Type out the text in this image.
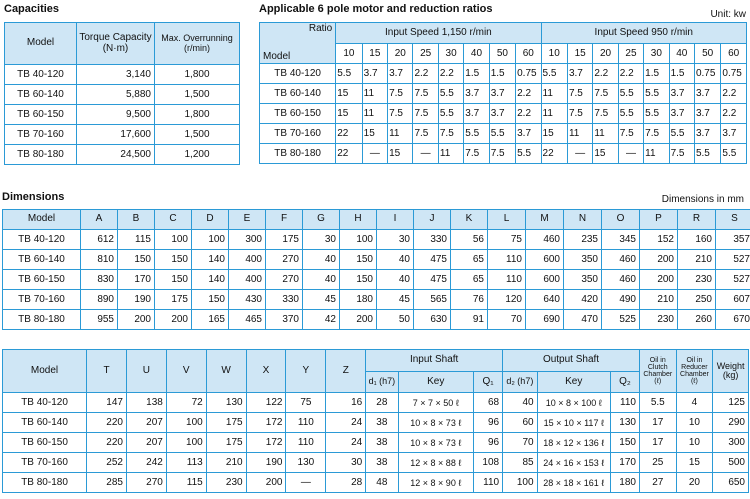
Capacities	Applicable 6 pole motor and reduction ratios	Unit: kw
Dimensions	Dimensions in mm
Model	Torque Capacity (N·m)	Max. Overrunning (r/min)
TB 40-120	3,140	1,800
TB 60-140	5,880	1,500
TB 60-150	9,500	1,800
TB 70-160	17,600	1,500
TB 80-180	24,500	1,200
Ratio
Model	Input Speed 1,150 r/min								Input Speed 950 r/min							
	10	15	20	25	30	40	50	60	10	15	20	25	30	40	50	60
TB 40-120	5.5	3.7	3.7	2.2	2.2	1.5	1.5	0.75	5.5	3.7	2.2	2.2	1.5	1.5	0.75	0.75
TB 60-140	15	11	7.5	7.5	5.5	3.7	3.7	2.2	11	7.5	7.5	5.5	5.5	3.7	3.7	2.2
TB 60-150	15	11	7.5	7.5	5.5	3.7	3.7	2.2	11	7.5	7.5	5.5	5.5	3.7	3.7	2.2
TB 70-160	22	15	11	7.5	7.5	5.5	5.5	3.7	15	11	11	7.5	7.5	5.5	3.7	3.7
TB 80-180	22	—	15	—	11	7.5	7.5	5.5	22	—	15	—	11	7.5	5.5	5.5
Model	A	B	C	D	E	F	G	H	I	J	K	L	M	N	O	P	R	S
TB 40-120	612	115	100	100	300	175	30	100	30	330	56	75	460	235	345	152	160	357
TB 60-140	810	150	150	140	400	270	40	150	40	475	65	110	600	350	460	200	210	527
TB 60-150	830	170	150	140	400	270	40	150	40	475	65	110	600	350	460	200	230	527
TB 70-160	890	190	175	150	430	330	45	180	45	565	76	120	640	420	490	210	250	607
TB 80-180	955	200	200	165	465	370	42	200	50	630	91	70	690	470	525	230	260	670
Model	T	U	V	W	X	Y	Z	Input Shaft			Output Shaft			Oil in Clutch Chamber (ℓ)	Oil in Reducer Chamber (ℓ)	Weight (kg)
								d₁ (h7)	Key	Q₁	d₂ (h7)	Key	Q₂			
TB 40-120	147	138	72	130	122	75	16	28	7 × 7 × 50 ℓ	68	40	10 × 8 × 100 ℓ	110	5.5	4	125
TB 60-140	220	207	100	175	172	110	24	38	10 × 8 × 73 ℓ	96	60	15 × 10 × 117 ℓ	130	17	10	290
TB 60-150	220	207	100	175	172	110	24	38	10 × 8 × 73 ℓ	96	70	18 × 12 × 136 ℓ	150	17	10	300
TB 70-160	252	242	113	210	190	130	30	38	12 × 8 × 88 ℓ	108	85	24 × 16 × 153 ℓ	170	25	15	500
TB 80-180	285	270	115	230	200	—	28	48	12 × 8 × 90 ℓ	110	100	28 × 18 × 161 ℓ	180	27	20	650
